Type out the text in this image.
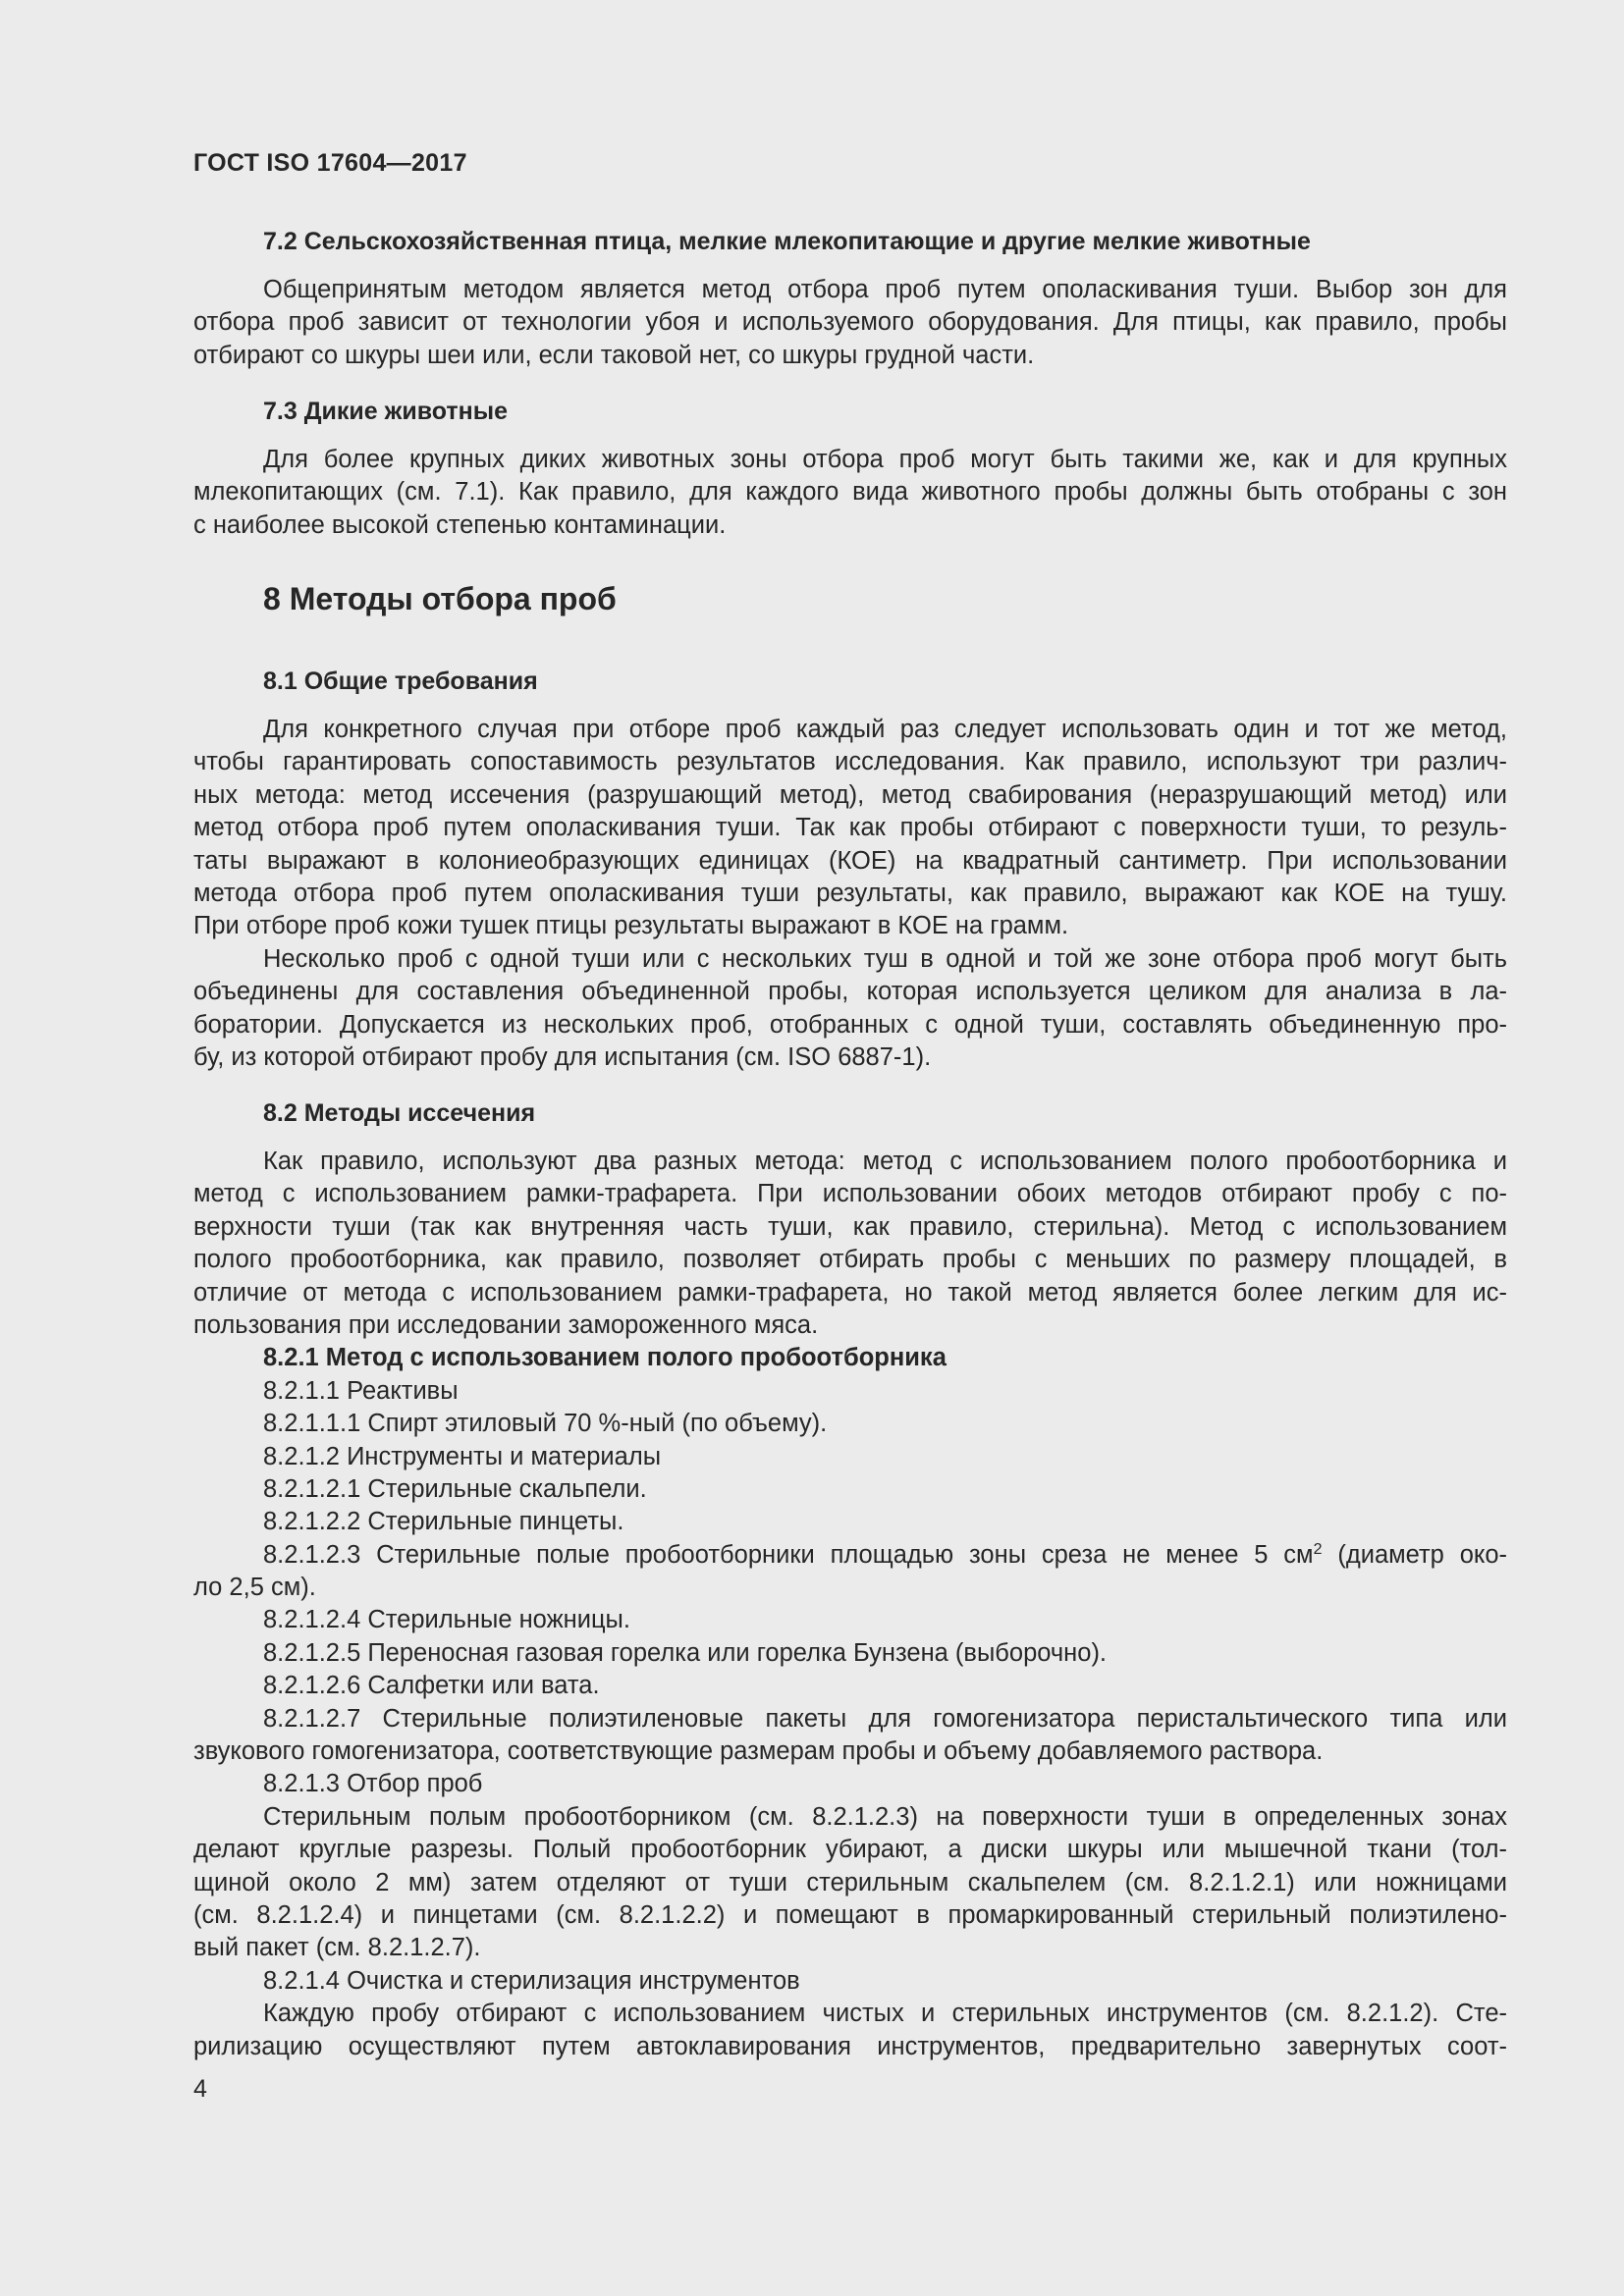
ГОСТ ISO 17604—2017
7.2 Сельскохозяйственная птица, мелкие млекопитающие и другие мелкие животные
Общепринятым методом является метод отбора проб путем ополаскивания туши. Выбор зон для
отбора проб зависит от технологии убоя и используемого оборудования. Для птицы, как правило, пробы
отбирают со шкуры шеи или, если таковой нет, со шкуры грудной части.
7.3 Дикие животные
Для более крупных диких животных зоны отбора проб могут быть такими же, как и для крупных
млекопитающих (см. 7.1). Как правило, для каждого вида животного пробы должны быть отобраны с зон
с наиболее высокой степенью контаминации.
8 Методы отбора проб
8.1 Общие требования
Для конкретного случая при отборе проб каждый раз следует использовать один и тот же метод,
чтобы гарантировать сопоставимость результатов исследования. Как правило, используют три различ-
ных метода: метод иссечения (разрушающий метод), метод свабирования (неразрушающий метод) или
метод отбора проб путем ополаскивания туши. Так как пробы отбирают с поверхности туши, то резуль-
таты выражают в колониеобразующих единицах (КОЕ) на квадратный сантиметр. При использовании
метода отбора проб путем ополаскивания туши результаты, как правило, выражают как КОЕ на тушу.
При отборе проб кожи тушек птицы результаты выражают в КОЕ на грамм.
Несколько проб с одной туши или с нескольких туш в одной и той же зоне отбора проб могут быть
объединены для составления объединенной пробы, которая используется целиком для анализа в ла-
боратории. Допускается из нескольких проб, отобранных с одной туши, составлять объединенную про-
бу, из которой отбирают пробу для испытания (см. ISO 6887-1).
8.2 Методы иссечения
Как правило, используют два разных метода: метод с использованием полого пробоотборника и
метод с использованием рамки-трафарета. При использовании обоих методов отбирают пробу с по-
верхности туши (так как внутренняя часть туши, как правило, стерильна). Метод с использованием
полого пробоотборника, как правило, позволяет отбирать пробы с меньших по размеру площадей, в
отличие от метода с использованием рамки-трафарета, но такой метод является более легким для ис-
пользования при исследовании замороженного мяса.
8.2.1 Метод с использованием полого пробоотборника
8.2.1.1 Реактивы
8.2.1.1.1 Спирт этиловый 70 %-ный (по объему).
8.2.1.2 Инструменты и материалы
8.2.1.2.1 Стерильные скальпели.
8.2.1.2.2 Стерильные пинцеты.
8.2.1.2.3 Стерильные полые пробоотборники площадью зоны среза не менее 5 $см^2$ (диаметр око-
ло 2,5 см).
8.2.1.2.4 Стерильные ножницы.
8.2.1.2.5 Переносная газовая горелка или горелка Бунзена (выборочно).
8.2.1.2.6 Салфетки или вата.
8.2.1.2.7 Стерильные полиэтиленовые пакеты для гомогенизатора перистальтического типа или
звукового гомогенизатора, соответствующие размерам пробы и объему добавляемого раствора.
8.2.1.3 Отбор проб
Стерильным полым пробоотборником (см. 8.2.1.2.3) на поверхности туши в определенных зонах
делают круглые разрезы. Полый пробоотборник убирают, а диски шкуры или мышечной ткани (тол-
щиной около 2 мм) затем отделяют от туши стерильным скальпелем (см. 8.2.1.2.1) или ножницами
(см. 8.2.1.2.4) и пинцетами (см. 8.2.1.2.2) и помещают в промаркированный стерильный полиэтилено-
вый пакет (см. 8.2.1.2.7).
8.2.1.4 Очистка и стерилизация инструментов
Каждую пробу отбирают с использованием чистых и стерильных инструментов (см. 8.2.1.2). Сте-
рилизацию осуществляют путем автоклавирования инструментов, предварительно завернутых соот-
4
